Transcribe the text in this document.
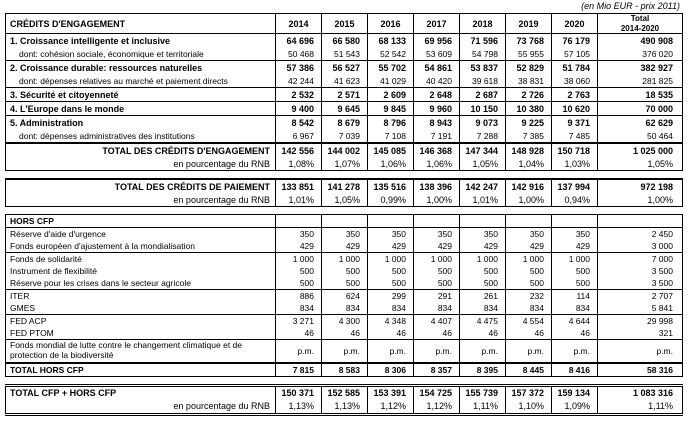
(en Mio EUR - prix 2011)
CRÉDITS D'ENGAGEMENT	2014	2015	2016	2017	2018	2019	2020	Total
2014-2020

1. Croissance intelligente et inclusive	64 696	66 580	68 133	69 956	71 596	73 768	76 179	490 908
dont: cohésion sociale, économique et territoriale	50 468	51 543	52 542	53 609	54 798	55 955	57 105	376 020
2. Croissance durable: ressources naturelles	57 386	56 527	55 702	54 861	53 837	52 829	51 784	382 927
dont: dépenses relatives au marché et paiement directs	42 244	41 623	41 029	40 420	39 618	38 831	38 060	281 825
3. Sécurité et citoyenneté	2 532	2 571	2 609	2 648	2 687	2 726	2 763	18 535
4. L'Europe dans le monde	9 400	9 645	9 845	9 960	10 150	10 380	10 620	70 000
5. Administration	8 542	8 679	8 796	8 943	9 073	9 225	9 371	62 629
dont: dépenses administratives des institutions	6 967	7 039	7 108	7 191	7 288	7 385	7 485	50 464
TOTAL DES CRÉDITS D'ENGAGEMENT	142 556	144 002	145 085	146 368	147 344	148 928	150 718	1 025 000
en pourcentage du RNB	1,08%	1,07%	1,06%	1,06%	1,05%	1,04%	1,03%	1,05%
TOTAL DES CRÉDITS DE PAIEMENT	133 851	141 278	135 516	138 396	142 247	142 916	137 994	972 198
en pourcentage du RNB	1,01%	1,05%	0,99%	1,00%	1,01%	1,00%	0,94%	1,00%
HORS CFP								
Réserve d'aide d'urgence	350	350	350	350	350	350	350	2 450
Fonds européen d'ajustement à la mondialisation	429	429	429	429	429	429	429	3 000
Fonds de solidarité	1 000	1 000	1 000	1 000	1 000	1 000	1 000	7 000
Instrument de flexibilité	500	500	500	500	500	500	500	3 500
Réserve pour les crises dans le secteur agricole	500	500	500	500	500	500	500	3 500
ITER	886	624	299	291	261	232	114	2 707
GMES	834	834	834	834	834	834	834	5 841
FED ACP	3 271	4 300	4 348	4 407	4 475	4 554	4 644	29 998
FED PTOM	46	46	46	46	46	46	46	321
Fonds mondial de lutte contre le changement climatique et de protection de la biodiversité	p.m.	p.m.	p.m.	p.m.	p.m.	p.m.	p.m.	p.m.
TOTAL HORS CFP	7 815	8 583	8 306	8 357	8 395	8 445	8 416	58 316
TOTAL CFP + HORS CFP	150 371	152 585	153 391	154 725	155 739	157 372	159 134	1 083 316
en pourcentage du RNB	1,13%	1,13%	1,12%	1,12%	1,11%	1,10%	1,09%	1,11%
